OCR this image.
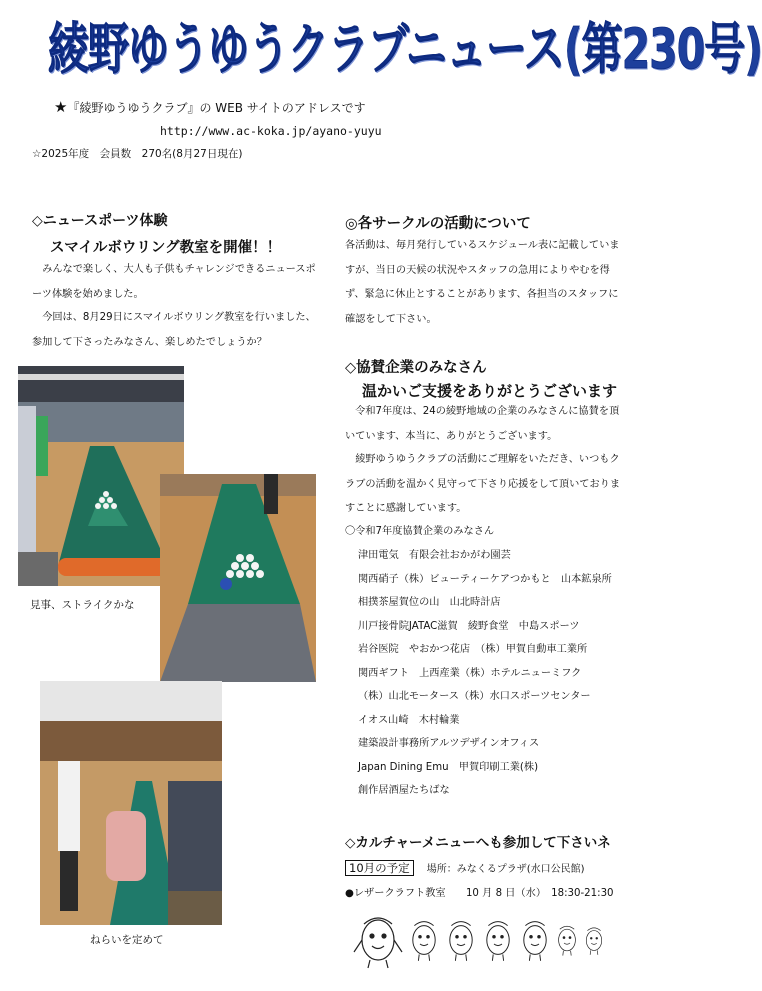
綾野ゆうゆうクラブニュース(第230号)
★『綾野ゆうゆうクラブ』の WEB サイトのアドレスです
http://www.ac-koka.jp/ayano-yuyu
☆2025年度　会員数　270名(8月27日現在)
◇ニュースポーツ体験
スマイルボウリング教室を開催！！
みんなで楽しく、大人も子供もチャレンジできるニュースポーツ体験を始めました。
今回は、8月29日にスマイルボウリング教室を行いました、参加して下さったみなさん、楽しめたでしょうか？
見事、ストライクかな
ねらいを定めて
◎各サークルの活動について
各活動は、毎月発行しているスケジュール表に記載していますが、当日の天候の状況やスタッフの急用によりやむを得ず、緊急に休止とすることがあります、各担当のスタッフに確認をして下さい。
◇協賛企業のみなさん
温かいご支援をありがとうございます
令和7年度は、24の綾野地域の企業のみなさんに協賛を頂いています、本当に、ありがとうございます。
綾野ゆうゆうクラブの活動にご理解をいただき、いつもクラブの活動を温かく見守って下さり応援をして頂いておりますことに感謝しています。
〇令和7年度協賛企業のみなさん
津田電気　有限会社おかがわ園芸
関西硝子（株）ビューティーケアつかもと　山本鉱泉所
相撲茶屋賀位の山　山北時計店
川戸接骨院JATAC滋賀　綾野食堂　中島スポーツ
岩谷医院　やおかつ花店　（株）甲賀自動車工業所
関西ギフト　上西産業（株）ホテルニューミフク
（株）山北モータース（株）水口スポーツセンター
イオス山崎　木村輪業
建築設計事務所アルツデザインオフィス
Japan Dining Emu　甲賀印刷工業(株)
創作居酒屋たちばな
◇カルチャーメニューへも参加して下さいネ
10月の予定 場所：みなくるプラザ(水口公民館)
●レザークラフト教室　　10 月 8 日（水）　18:30-21:30
